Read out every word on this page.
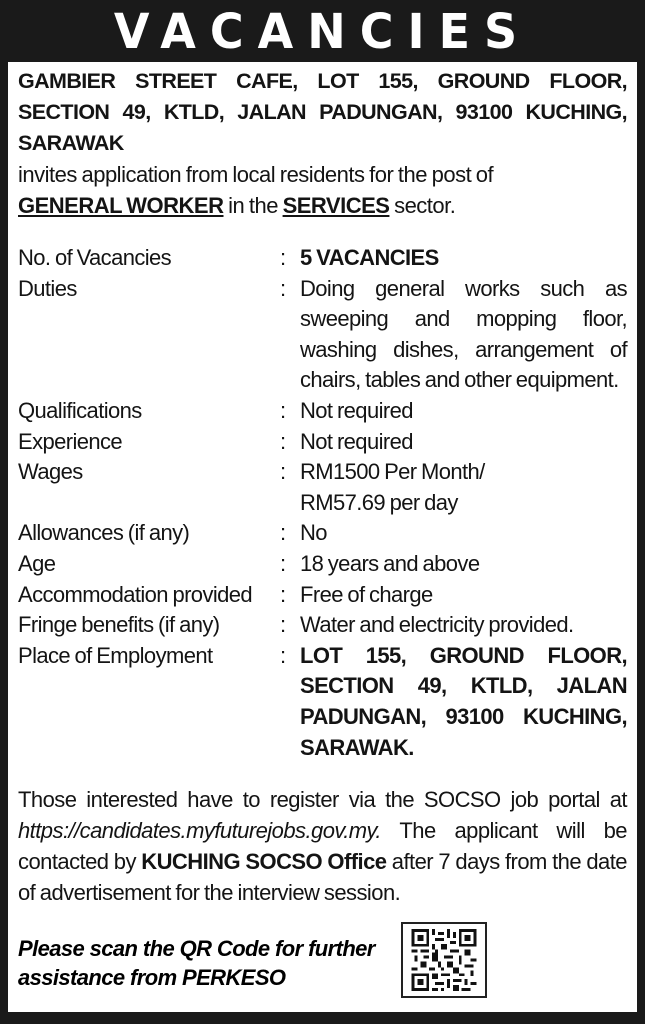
VACANCIES
GAMBIER STREET CAFE, LOT 155, GROUND FLOOR, SECTION 49, KTLD, JALAN PADUNGAN, 93100 KUCHING, SARAWAK
invites application from local residents for the post of
GENERAL WORKER in the SERVICES sector.
No. of Vacancies	: 5 VACANCIES
Duties	: Doing general works such as sweeping and mopping floor, washing dishes, arrangement of chairs, tables and other equipment.
Qualifications	: Not required
Experience	: Not required
Wages	: RM1500 Per Month/
RM57.69 per day
Allowances (if any)	: No
Age	: 18 years and above
Accommodation provided	: Free of charge
Fringe benefits (if any)	: Water and electricity provided.
Place of Employment	: LOT 155, GROUND FLOOR, SECTION 49, KTLD, JALAN PADUNGAN, 93100 KUCHING, SARAWAK.
Those interested have to register via the SOCSO job portal at https://candidates.myfuturejobs.gov.my. The applicant will be contacted by KUCHING SOCSO Office after 7 days from the date of advertisement for the interview session.
Please scan the QR Code for further
assistance from PERKESO
